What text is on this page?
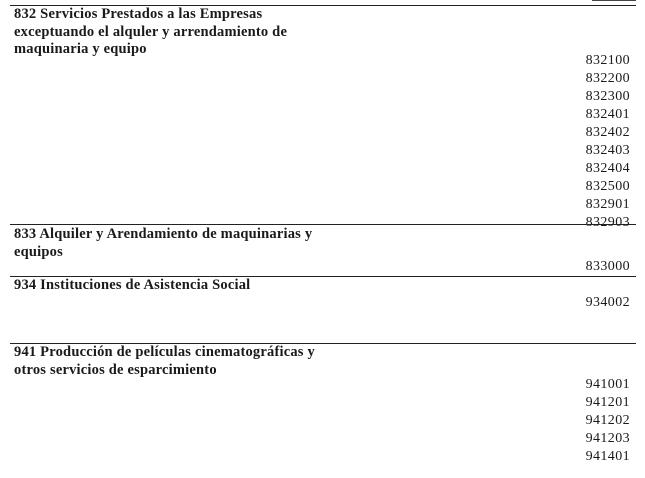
832 Servicios Prestados a las Empresas
exceptuando el alquler y arrendamiento de
maquinaria y equipo
832100
832200
832300
832401
832402
832403
832404
832500
832901
832903
833 Alquiler y Arendamiento de maquinarias y
equipos
833000
934 Instituciones de Asistencia Social
934002
941 Producción de películas cinematográficas y
otros servicios de esparcimiento
941001
941201
941202
941203
941401
